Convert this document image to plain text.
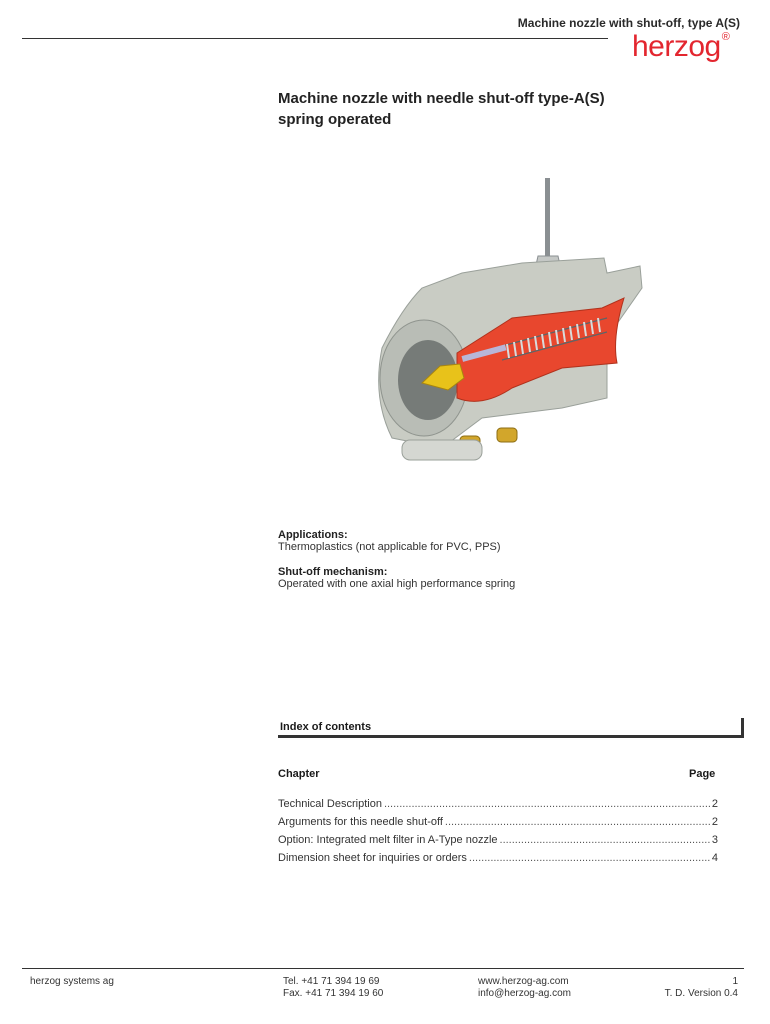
Machine nozzle with shut-off, type A(S)
herzog®
Machine nozzle with needle shut-off type-A(S)
spring operated
Applications:
Thermoplastics (not applicable for PVC, PPS)
Shut-off mechanism:
Operated with one axial high performance spring
Index of contents
Chapter	Page
Technical Description .....	2
Arguments for this needle shut-off .....	2
Option: Integrated melt filter in A-Type nozzle .....	3
Dimension sheet for inquiries or orders .....	4
herzog systems ag	Tel. +41 71 394 19 69
Fax. +41 71 394 19 60
www.herzog-ag.com
info@herzog-ag.com
1
T. D. Version 0.4
